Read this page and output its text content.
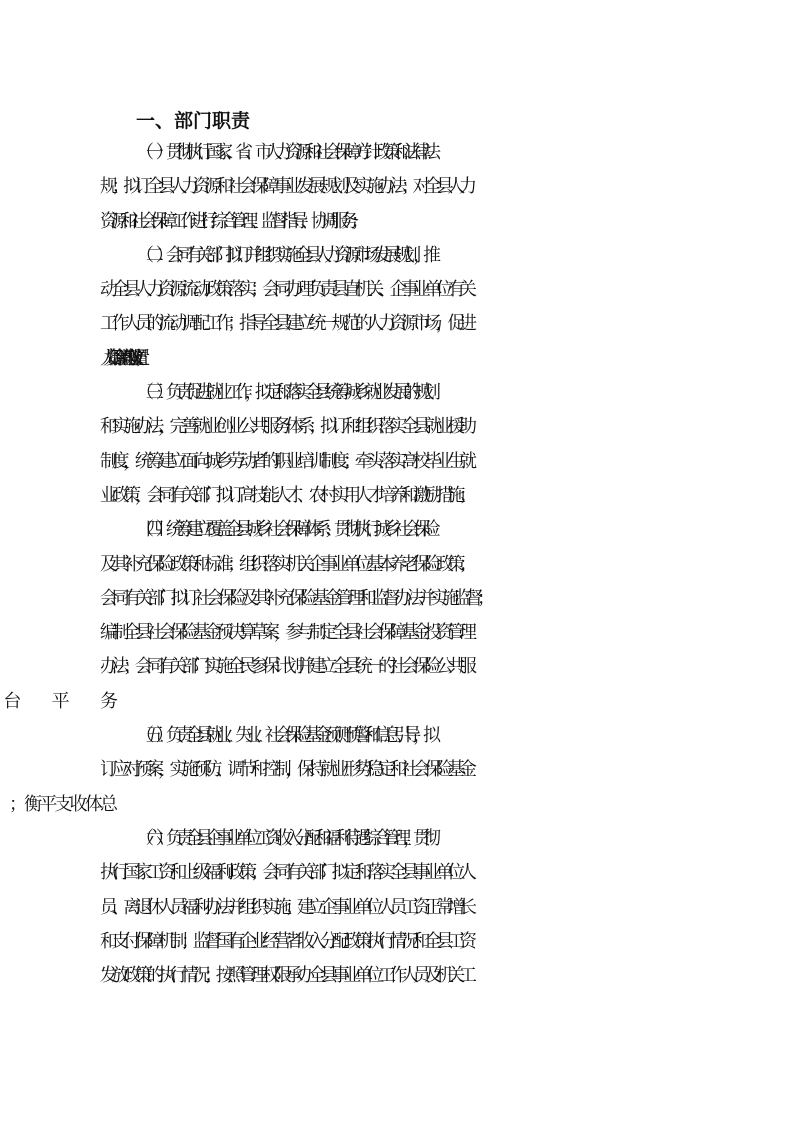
一、部门职责
（一）贯彻执行国家、省、市人力资源和社会保障方针政策和法律法
规；拟订全县人力资源和社会保障事业发展规划及实施办法；对全县人力
资源和社会保障工作进行综合管理、监督指导、协调服务；
（二）会同有关部门拟订并组织实施全县人力资源市场发展规划，推
动全县人力资源流动政策落实；会同办理负责县直机关、企事业单位有关
工作人员的流动调配工作；指导全县建立统一规范的人力资源市场，促进
人力资源合理流动与有效配置；
（三）负责促进就业工作，拟定和落实全县统筹城乡就业发展的规划
和实施办法，完善就业创业公共服务体系；拟订和组织落实全县就业援助
制度，统筹建立面向城乡劳动者的职业培训制度；牵头落实高校毕业生就
业政策，会同有关部门拟订高技能人才、农村实用人才培养和激励措施；
（四）统筹建立覆盖全县城乡社会保障体系；贯彻执行城乡社会保险
及其补充保险政策和标准；组织落实机关企事业单位基本养老保险政策；
会同有关部门拟订社会保险及其补充保险基金管理和监督办法并实施监督；
编制全县社会保险基金预决算草案，参与制定全县社会保障基金投资管理
办法；会同有关部门实施全民参保计划并建立全县统一的社会保险公共服
（五）负责全县就业、失业、社会保险基金预测预警和信息引导，拟
订应对预案，实施预防、调节和控制，保持就业形势稳定和社会保险基金
（六）负责全县企事业单位工资收入分配和福利待遇综合管理，贯彻
执行国家工资和上级福利政策；会同有关部门拟定和落实全县事业单位人
员、离退休人员福利办法并组织实施；建立企事业单位人员工资正常增长
和支付保障机制；监督国有企业经营者收入分配政策执行情况和全县工资
发放政策的执行情况；按照管理权限承办全县事业单位工作人员及机关工
